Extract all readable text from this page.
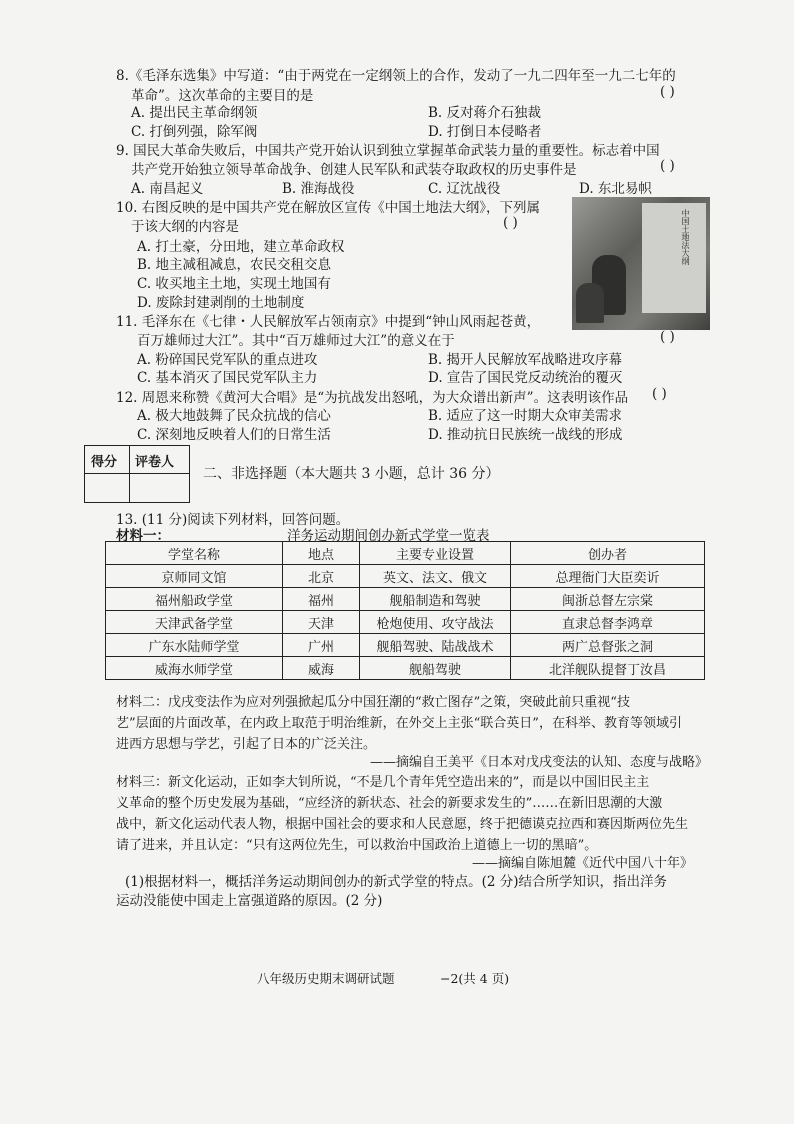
8.《毛泽东选集》中写道：“由于两党在一定纲领上的合作，发动了一九二四年至一九二七年的
革命”。这次革命的主要目的是	( )
A. 提出民主革命纲领	B. 反对蒋介石独裁
C. 打倒列强，除军阀	D. 打倒日本侵略者
9. 国民大革命失败后，中国共产党开始认识到独立掌握革命武装力量的重要性。标志着中国
共产党开始独立领导革命战争、创建人民军队和武装夺取政权的历史事件是	( )
A. 南昌起义	B. 淮海战役	C. 辽沈战役	D. 东北易帜
10. 右图反映的是中国共产党在解放区宣传《中国土地法大纲》，下列属
于该大纲的内容是	( )
A. 打土豪，分田地，建立革命政权
B. 地主减租减息，农民交租交息
C. 收买地主土地，实现土地国有
D. 废除封建剥削的土地制度
中国土地法大纲
11. 毛泽东在《七律・人民解放军占领南京》中提到“钟山风雨起苍黄，
百万雄师过大江”。其中“百万雄师过大江”的意义在于	( )
A. 粉碎国民党军队的重点进攻	B. 揭开人民解放军战略进攻序幕
C. 基本消灭了国民党军队主力	D. 宣告了国民党反动统治的覆灭
12. 周恩来称赞《黄河大合唱》是“为抗战发出怒吼，为大众谱出新声”。这表明该作品 ( )
A. 极大地鼓舞了民众抗战的信心	B. 适应了这一时期大众审美需求
C. 深刻地反映着人们的日常生活	D. 推动抗日民族统一战线的形成
得分 评卷人
二、非选择题（本大题共 3 小题，总计 36 分）
13. (11 分)阅读下列材料，回答问题。
材料一：	洋务运动期间创办新式学堂一览表
学堂名称	地点	主要专业设置	创办者
京师同文馆	北京	英文、法文、俄文	总理衙门大臣奕䜣
福州船政学堂	福州	舰船制造和驾驶	闽浙总督左宗棠
天津武备学堂	天津	枪炮使用、攻守战法	直隶总督李鸿章
广东水陆师学堂	广州	舰船驾驶、陆战战术	两广总督张之洞
威海水师学堂	威海	舰船驾驶	北洋舰队提督丁汝昌
材料二：戊戌变法作为应对列强掀起瓜分中国狂潮的“救亡图存”之策，突破此前只重视“技
艺”层面的片面改革，在内政上取范于明治维新，在外交上主张“联合英日”，在科举、教育等领域引
进西方思想与学艺，引起了日本的广泛关注。
——摘编自王美平《日本对戊戌变法的认知、态度与战略》
材料三：新文化运动，正如李大钊所说，“不是几个青年凭空造出来的”，而是以中国旧民主主
义革命的整个历史发展为基础，“应经济的新状态、社会的新要求发生的”……在新旧思潮的大激
战中，新文化运动代表人物，根据中国社会的要求和人民意愿，终于把德谟克拉西和赛因斯两位先生
请了进来，并且认定：“只有这两位先生，可以救治中国政治上道德上一切的黑暗”。
——摘编自陈旭麓《近代中国八十年》
(1)根据材料一，概括洋务运动期间创办的新式学堂的特点。(2 分)结合所学知识，指出洋务
运动没能使中国走上富强道路的原因。(2 分)
八年级历史期末调研试题	−2(共 4 页)
